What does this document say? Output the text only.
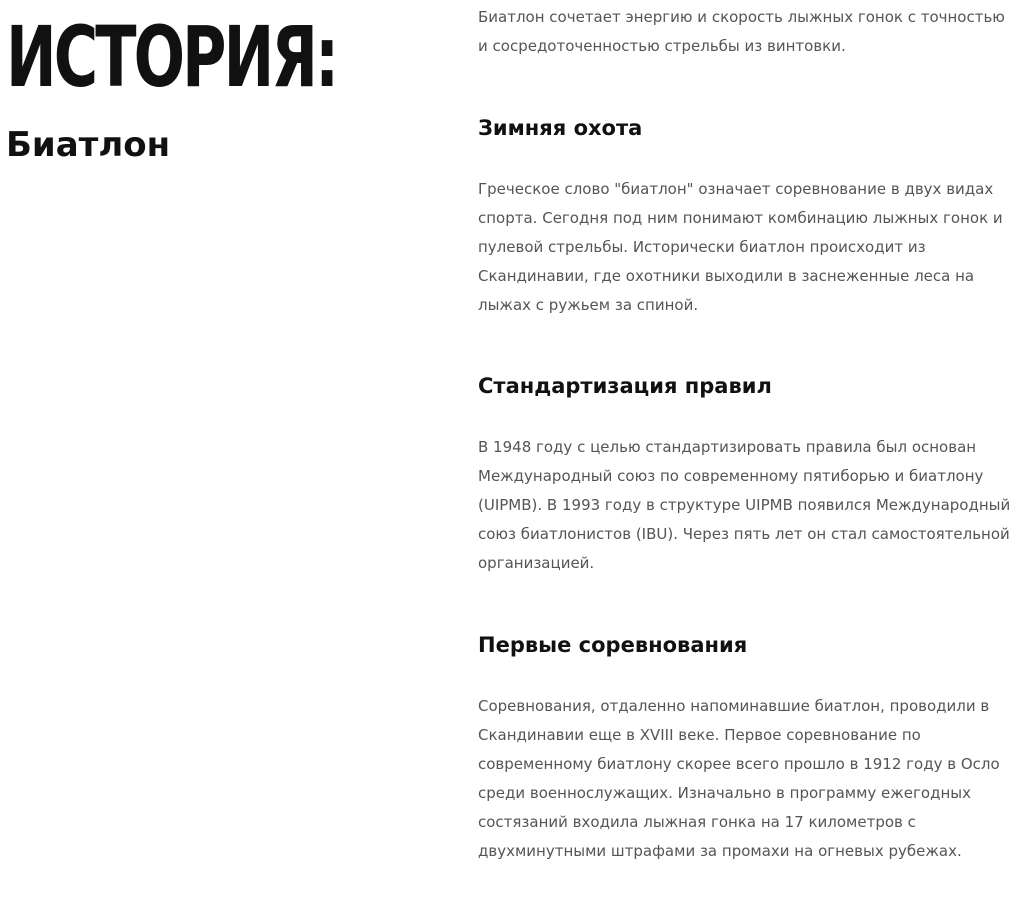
ИСТОРИЯ:
Биатлон

Биатлон сочетает энергию и скорость лыжных гонок с точностью и сосредоточенностью стрельбы из винтовки.

Зимняя охота

Греческое слово "биатлон" означает соревнование в двух видах спорта. Сегодня под ним понимают комбинацию лыжных гонок и пулевой стрельбы. Исторически биатлон происходит из Скандинавии, где охотники выходили в заснеженные леса на лыжах с ружьем за спиной.

Стандартизация правил

В 1948 году с целью стандартизировать правила был основан Международный союз по современному пятиборью и биатлону (UIPMB). В 1993 году в структуре UIPMB появился Международный союз биатлонистов (IBU). Через пять лет он стал самостоятельной организацией.

Первые соревнования

Соревнования, отдаленно напоминавшие биатлон, проводили в Скандинавии еще в XVIII веке. Первое соревнование по современному биатлону скорее всего прошло в 1912 году в Осло среди военнослужащих. Изначально в программу ежегодных состязаний входила лыжная гонка на 17 километров с двухминутными штрафами за промахи на огневых рубежах.
